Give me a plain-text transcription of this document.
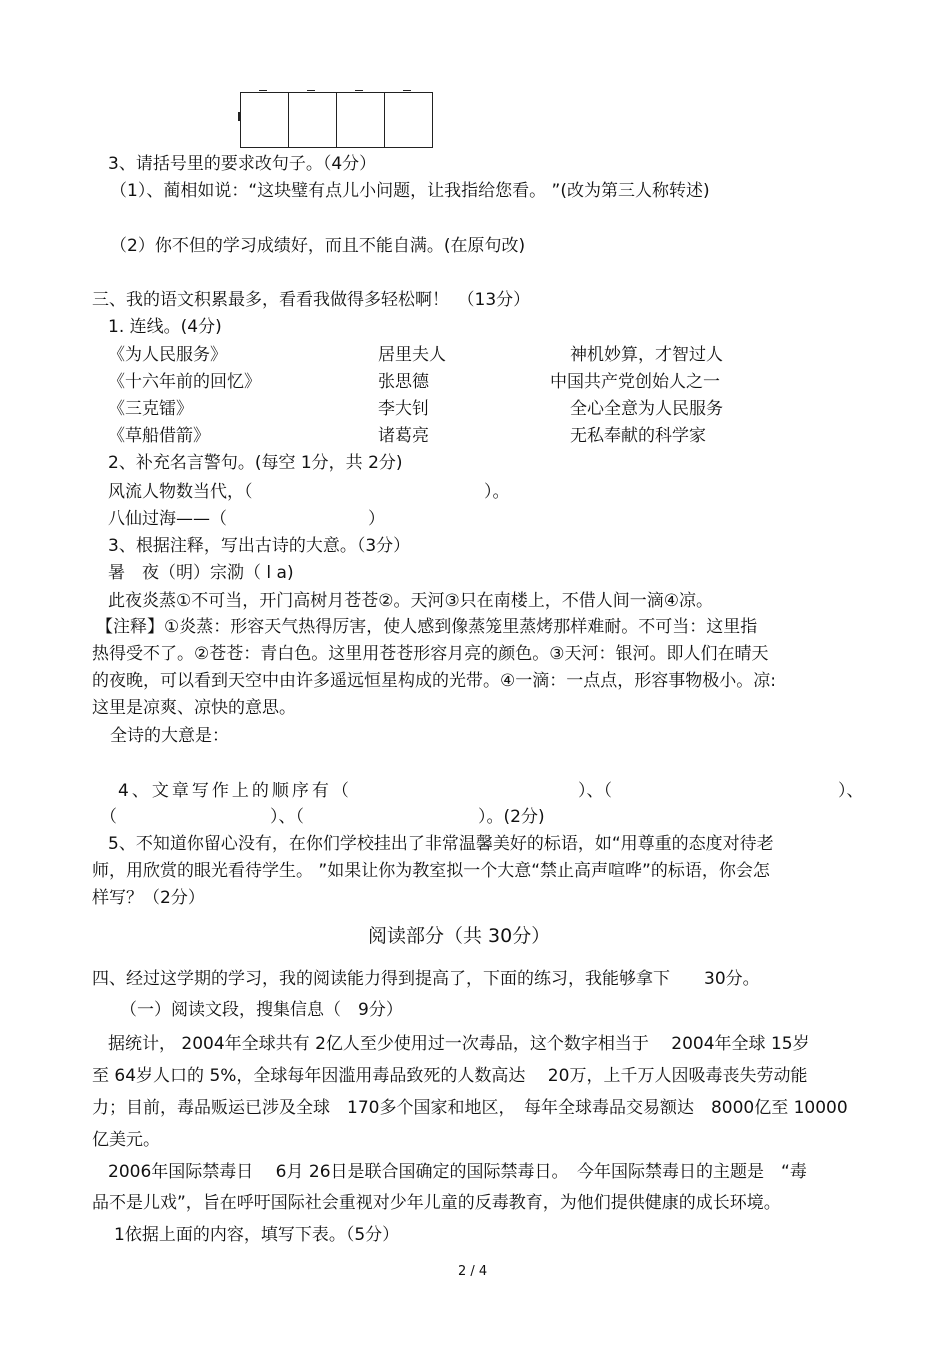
3、请括号里的要求改句子。（4分）
（1）、蔺相如说：“这块璧有点儿小问题，让我指给您看。 ”(改为第三人称转述)
（2）你不但的学习成绩好，而且不能自满。(在原句改)
三、我的语文积累最多，看看我做得多轻松啊！　（13分）
1. 连线。(4分)
《为人民服务》	居里夫人	神机妙算，才智过人
《十六年前的回忆》	张思德	中国共产党创始人之一
《三克镭》	李大钊	全心全意为人民服务
《草船借箭》	诸葛亮	无私奉献的科学家
2、补充名言警句。(每空 1分，共 2分)
风流人物数当代，（	）。
八仙过海——（	）
3、根据注释，写出古诗的大意。（3分）
暑　夜（明）宗泐（ l a)
此夜炎蒸①不可当，开门高树月苍苍②。天河③只在南楼上，不借人间一滴④凉。
【注释】①炎蒸：形容天气热得厉害，使人感到像蒸笼里蒸烤那样难耐。不可当：这里指
热得受不了。②苍苍：青白色。这里用苍苍形容月亮的颜色。③天河：银河。即人们在晴天
的夜晚，可以看到天空中由许多遥远恒星构成的光带。④一滴：一点点，形容事物极小。凉:
这里是凉爽、凉快的意思。
全诗的大意是：
4、文章写作上的顺序有（	）、（	）、
（	）、（	）。(2分)
5、不知道你留心没有，在你们学校挂出了非常温馨美好的标语，如“用尊重的态度对待老
师，用欣赏的眼光看待学生。 ”如果让你为教室拟一个大意“禁止高声喧哗”的标语，你会怎
样写？（2分）
阅读部分（共 30分）
四、经过这学期的学习，我的阅读能力得到提高了，下面的练习，我能够拿下　　30分。
（一）阅读文段，搜集信息（　9分）
据统计， 2004年全球共有 2亿人至少使用过一次毒品，这个数字相当于　 2004年全球 15岁
至 64岁人口的 5%，全球每年因滥用毒品致死的人数高达　 20万，上千万人因吸毒丧失劳动能
力；目前，毒品贩运已涉及全球　170多个国家和地区，　每年全球毒品交易额达　8000亿至 10000
亿美元。
2006年国际禁毒日　 6月 26日是联合国确定的国际禁毒日。　今年国际禁毒日的主题是　“毒
品不是儿戏”，旨在呼吁国际社会重视对少年儿童的反毒教育，为他们提供健康的成长环境。
1依据上面的内容，填写下表。（5分）
2 / 4
